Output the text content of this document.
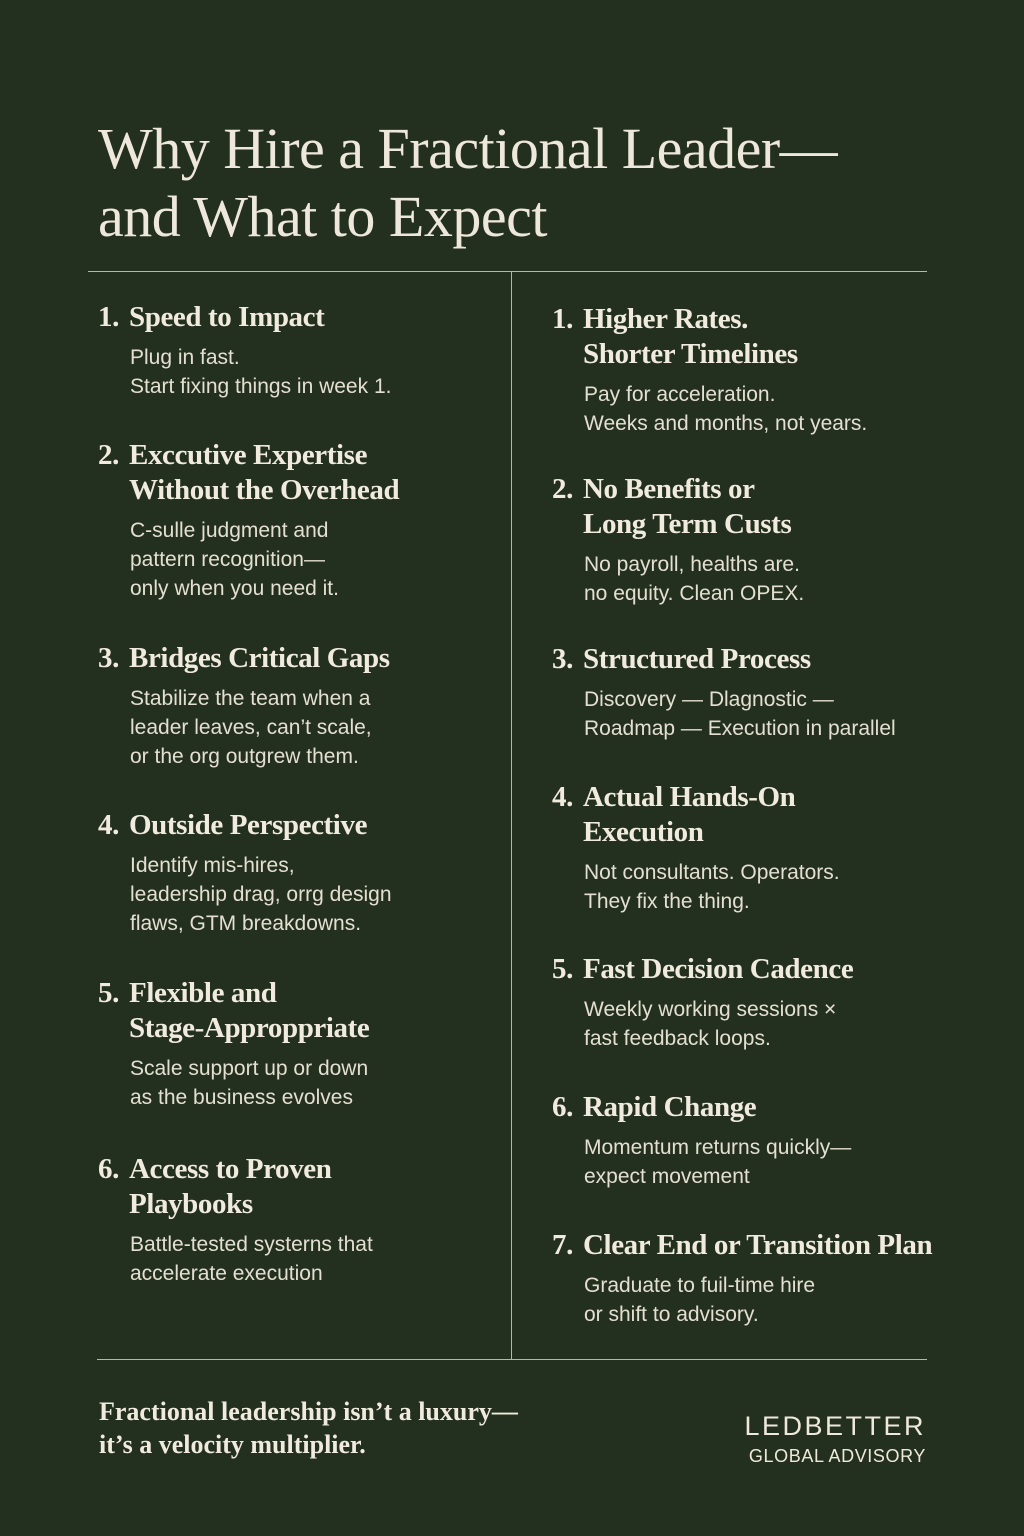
Why Hire a Fractional Leader—
and What to Expect
1. Speed to Impact
Plug in fast.
Start fixing things in week 1.
2. Exccutive Expertise
Without the Overhead
C-sulle judgment and
pattern recognition—
only when you need it.
3. Bridges Critical Gaps
Stabilize the team when a
leader leaves, can’t scale,
or the org outgrew them.
4. Outside Perspective
Identify mis-hires,
leadership drag, orrg design
flaws, GTM breakdowns.
5. Flexible and
Stage-Approppriate
Scale support up or down
as the business evolves
6. Access to Proven
Playbooks
Battle-tested systerns that
accelerate execution
1. Higher Rates.
Shorter Timelines
Pay for acceleration.
Weeks and months, not years.
2. No Benefits or
Long Term Custs
No payroll, healths are.
no equity. Clean OPEX.
3. Structured Process
Discovery — Dlagnostic —
Roadmap — Execution in parallel
4. Actual Hands-On
Execution
Not consultants. Operators.
They fix the thing.
5. Fast Decision Cadence
Weekly working sessions ×
fast feedback loops.
6. Rapid Change
Momentum returns quickly—
expect movement
7. Clear End or Transition Plan
Graduate to fuil-time hire
or shift to advisory.
Fractional leadership isn’t a luxury—
it’s a velocity multiplier.
LEDBETTER
GLOBAL ADVISORY
